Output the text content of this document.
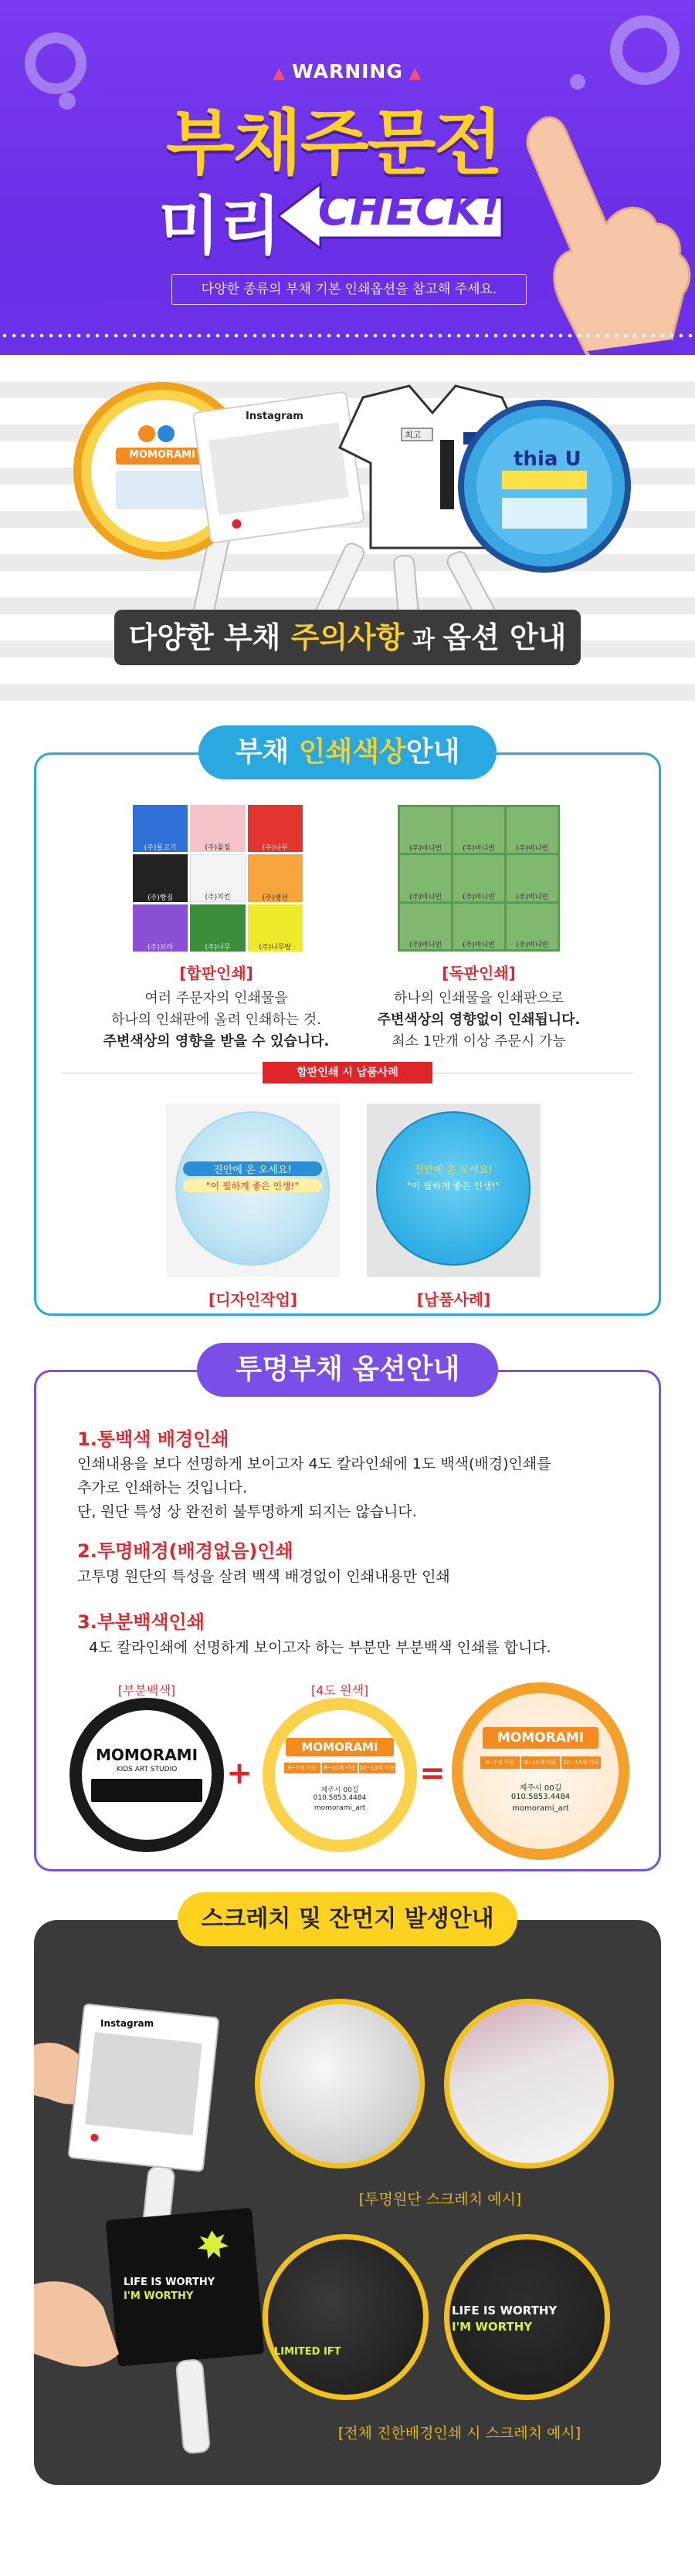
▲ WARNING ▲
부채주문전
미리 CHECK!
다양한 종류의 부채 기본 인쇄옵션을 참고해 주세요.
MOMORAMI
Instagram
최고
thia U
다양한 부채 주의사항 과 옵션 안내
부채 인쇄색상안내
(주)물고기	(주)꽃집	(주)나무
(주)빵집	(주)치킨	(주)생선
(주)보라	(주)나무	(주)나무랑
(주)미니빈	(주)미니빈	(주)미니빈
(주)미니빈	(주)미니빈	(주)미니빈
(주)미니빈	(주)미니빈	(주)미니빈
[합판인쇄]
여러 주문자의 인쇄물을
하나의 인쇄판에 올려 인쇄하는 것.
주변색상의 영향을 받을 수 있습니다.
[독판인쇄]
하나의 인쇄물을 인쇄판으로
주변색상의 영향없이 인쇄됩니다.
최소 1만개 이상 주문시 가능
합판인쇄 시 납품사례
진안에 온 오세요!
"이 필하게 좋은 인생!"
진안에 온 오세요!
"이 필하게 좋은 인생!"
[디자인작업]	[납품사례]
투명부채 옵션안내
1.통백색 배경인쇄
인쇄내용을 보다 선명하게 보이고자 4도 칼라인쇄에 1도 백색(배경)인쇄를
추가로 인쇄하는 것입니다.
단, 원단 특성 상 완전히 불투명하게 되지는 않습니다.
2.투명배경(배경없음)인쇄
고투명 원단의 특성을 살려 백색 배경없이 인쇄내용만 인쇄
3.부분백색인쇄
4도 칼라인쇄에 선명하게 보이고자 하는 부분만 부분백색 인쇄를 합니다.
[부분백색]	[4도 원색]
MOMORAMI
KIDS ART STUDIO	+
MOMORAMI
6~7세 아동	8~10세 아동 10~13세 아동
제주시 00길
010.5853.4484
momorami_art
=
MOMORAMI
6~7세 아동	8~10세 아동	10~13세 아동
제주시 00길
010.5853.4484
momorami_art
스크레치 및 잔먼지 발생안내
Instagram
LIFE IS WORTHY
I'M WORTHY
[투명원단 스크레치 예시]
LIMITED IFT
LIFE IS WORTHY
I'M WORTHY
[전체 진한배경인쇄 시 스크레치 예시]
